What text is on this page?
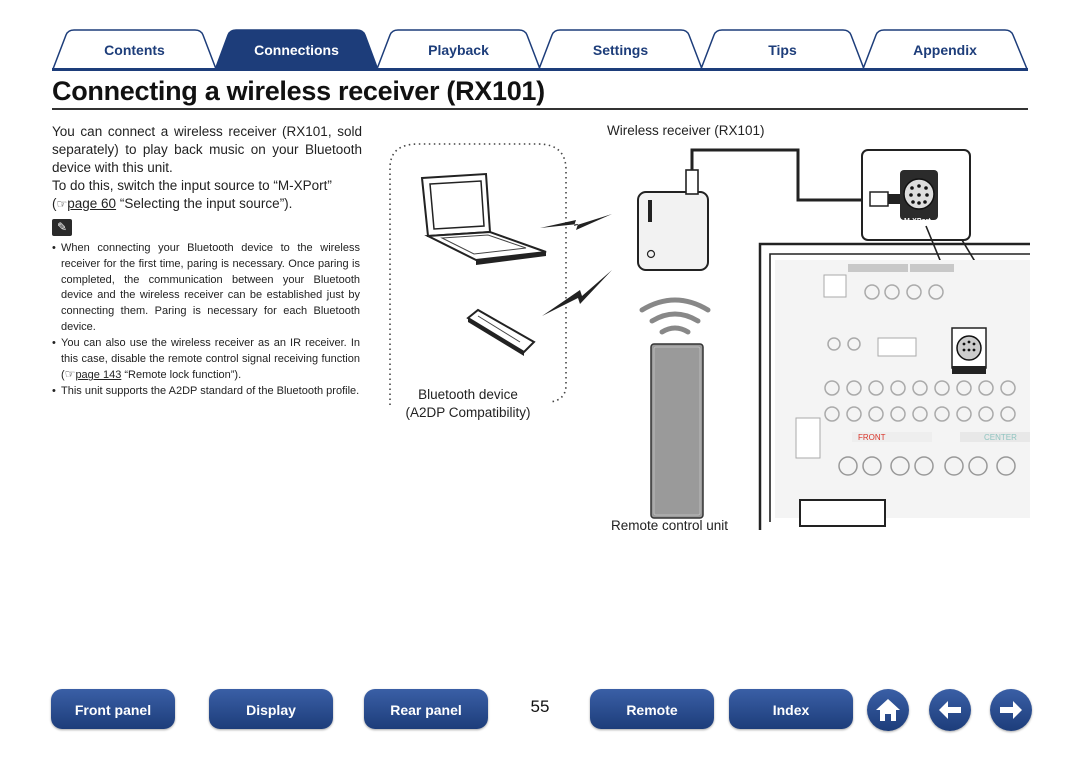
Contents	Connections	Playback	Settings	Tips	Appendix
Connecting a wireless receiver (RX101)

You can connect a wireless receiver (RX101, sold separately) to play back music on your Bluetooth device with this unit.

To do this, switch the input source to “M-XPort”
(☞page 60 “Selecting the input source”).

✎
• When connecting your Bluetooth device to the wireless receiver for the first time, paring is necessary. Once paring is completed, the communication between your Bluetooth device and the wireless receiver can be established just by connecting them. Paring is necessary for each Bluetooth device.
• You can also use the wireless receiver as an IR receiver. In this case, disable the remote control signal receiving function (☞page 143 “Remote lock function”).
• This unit supports the A2DP standard of the Bluetooth profile.
Wireless receiver (RX101)
Bluetooth device
(A2DP Compatibility)
Remote control unit
M-XPort
FRONT	CENTER
Front panel	Display	Rear panel	55	Remote	Index
